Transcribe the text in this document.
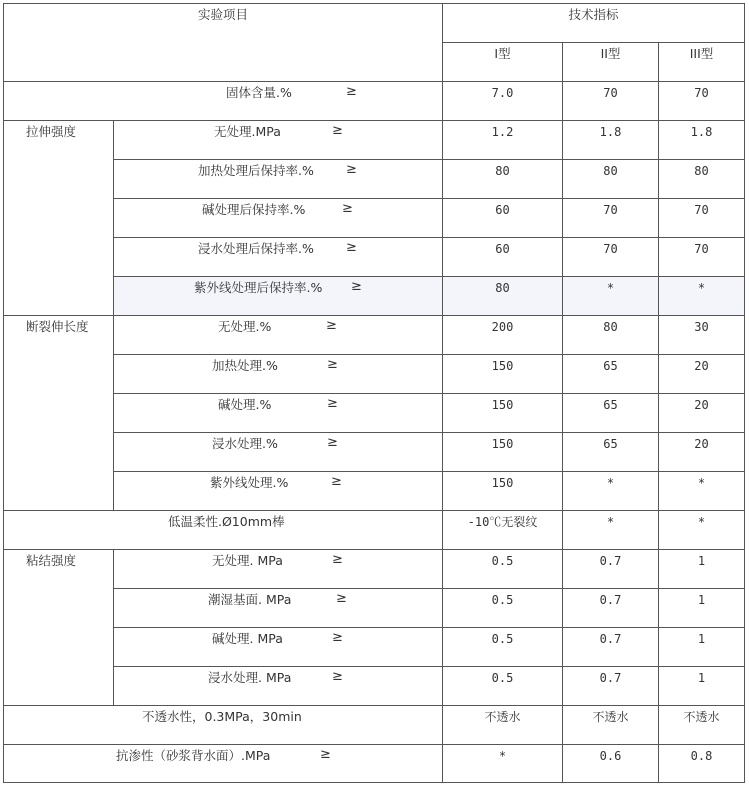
实验项目	技术指标
I型	II型	III型
固体含量.%	≥	7.0	70	70
拉伸强度	无处理.MPa	≥	1.2	1.8	1.8
加热处理后保持率.% ≥	80	80	80
碱处理后保持率.%	≥	60	70	70
浸水处理后保持率.% ≥	60	70	70
紫外线处理后保持率.% ≥	80	*	*
断裂伸长度	无处理.%	≥	200	80	30
加热处理.%	≥	150	65	20
碱处理.%	≥	150	65	20
浸水处理.%	≥	150	65	20
紫外线处理.%	≥	150	*	*
低温柔性.Ø10mm棒	-10℃无裂纹	*	*
粘结强度	无处理. MPa	≥	0.5	0.7	1
潮湿基面. MPa	≥	0.5	0.7	1
碱处理. MPa	≥	0.5	0.7	1
浸水处理. MPa	≥	0.5	0.7	1
不透水性，0.3MPa，30min	不透水	不透水	不透水
抗渗性（砂浆背水面）.MPa	≥	*	0.6	0.8
